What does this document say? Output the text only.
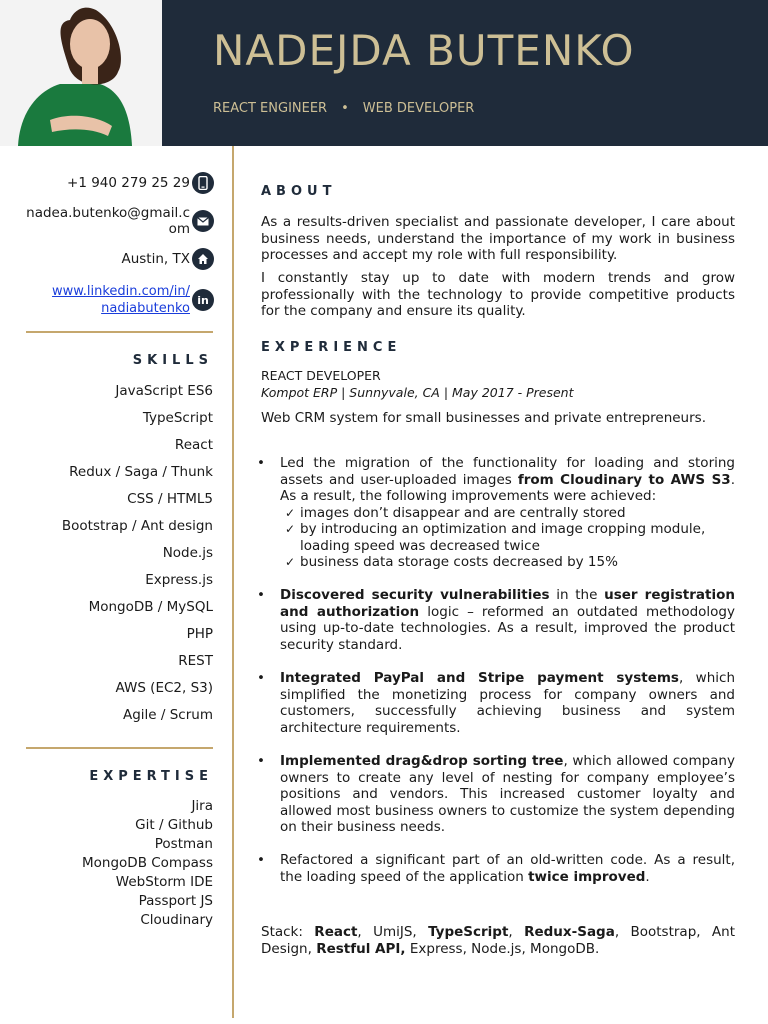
NADEJDA BUTENKO
REACT ENGINEER • WEB DEVELOPER
+1 940 279 25 29
nadea.butenko@gmail.c
om
Austin, TX
www.linkedin.com/in/
nadiabutenko
in
SKILLS
JavaScript ES6
TypeScript
React
Redux / Saga / Thunk
CSS / HTML5
Bootstrap / Ant design
Node.js
Express.js
MongoDB / MySQL
PHP
REST
AWS (EC2, S3)
Agile / Scrum
EXPERTISE
Jira
Git / Github
Postman
MongoDB Compass
WebStorm IDE
Passport JS
Cloudinary
ABOUT
As a results-driven specialist and passionate developer, I care about business needs, understand the importance of my work in business processes and accept my role with full responsibility.
I constantly stay up to date with modern trends and grow professionally with the technology to provide competitive products for the company and ensure its quality.
EXPERIENCE
REACT DEVELOPER
Kompot ERP | Sunnyvale, CA | May 2017 - Present
Web CRM system for small businesses and private entrepreneurs.
• Led the migration of the functionality for loading and storing assets and user-uploaded images from Cloudinary to AWS S3. As a result, the following improvements were achieved:
✓ images don’t disappear and are centrally stored
✓ by introducing an optimization and image cropping module, loading speed was decreased twice
✓ business data storage costs decreased by 15%
• Discovered security vulnerabilities in the user registration and authorization logic – reformed an outdated methodology using up-to-date technologies. As a result, improved the product security standard.
• Integrated PayPal and Stripe payment systems, which simplified the monetizing process for company owners and customers, successfully achieving business and system architecture requirements.
• Implemented drag&drop sorting tree, which allowed company owners to create any level of nesting for company employee’s positions and vendors. This increased customer loyalty and allowed most business owners to customize the system depending on their business needs.
• Refactored a significant part of an old-written code. As a result, the loading speed of the application twice improved.
Stack: React, UmiJS, TypeScript, Redux-Saga, Bootstrap, Ant Design, Restful API, Express, Node.js, MongoDB.
